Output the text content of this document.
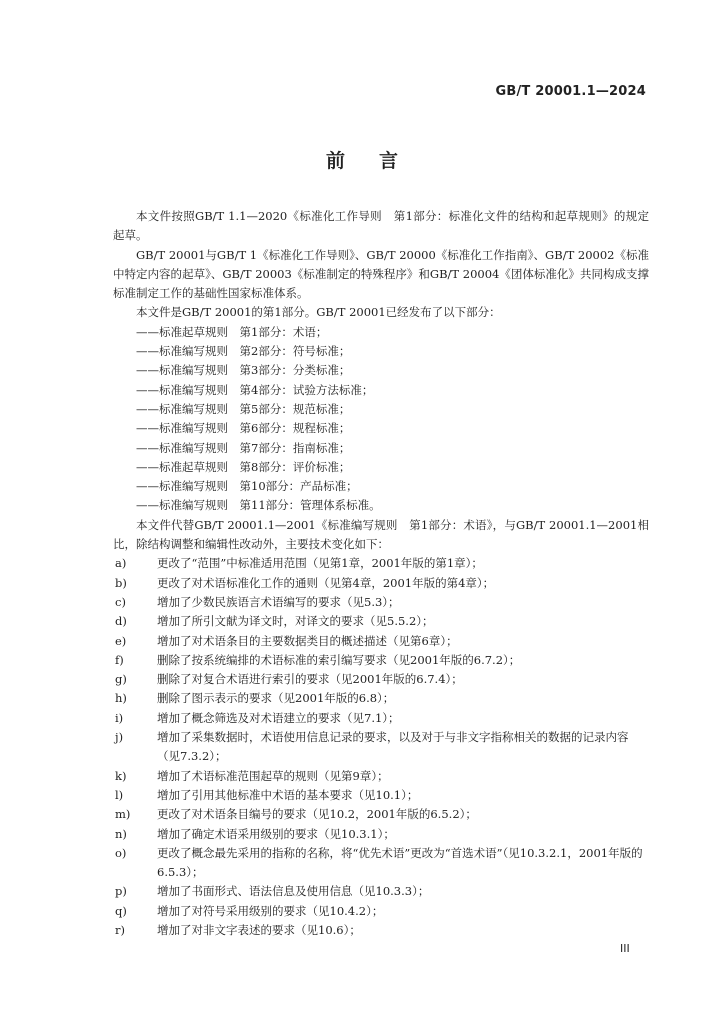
GB/T 20001.1—2024
前言

本文件按照GB/T 1.1—2020《标准化工作导则　第1部分：标准化文件的结构和起草规则》的规定起草。

GB/T 20001与GB/T 1《标准化工作导则》、GB/T 20000《标准化工作指南》、GB/T 20002《标准中特定内容的起草》、GB/T 20003《标准制定的特殊程序》和GB/T 20004《团体标准化》共同构成支撑标准制定工作的基础性国家标准体系。

本文件是GB/T 20001的第1部分。GB/T 20001已经发布了以下部分：

——标准起草规则　第1部分：术语；

——标准编写规则　第2部分：符号标准；

——标准编写规则　第3部分：分类标准；

——标准编写规则　第4部分：试验方法标准；

——标准编写规则　第5部分：规范标准；

——标准编写规则　第6部分：规程标准；

——标准编写规则　第7部分：指南标准；

——标准起草规则　第8部分：评价标准；

——标准编写规则　第10部分：产品标准；

——标准编写规则　第11部分：管理体系标准。

本文件代替GB/T 20001.1—2001《标准编写规则　第1部分：术语》，与GB/T 20001.1—2001相比，除结构调整和编辑性改动外，主要技术变化如下：

a)	更改了“范围”中标准适用范围（见第1章，2001年版的第1章）；
b)	更改了对术语标准化工作的通则（见第4章，2001年版的第4章）；
c)	增加了少数民族语言术语编写的要求（见5.3）；
d)	增加了所引文献为译文时，对译文的要求（见5.5.2）；
e)	增加了对术语条目的主要数据类目的概述描述（见第6章）；
f)	删除了按系统编排的术语标准的索引编写要求（见2001年版的6.7.2）；
g)	删除了对复合术语进行索引的要求（见2001年版的6.7.4）；
h)	删除了图示表示的要求（见2001年版的6.8）；
i)	增加了概念筛选及对术语建立的要求（见7.1）；
j)	增加了采集数据时，术语使用信息记录的要求，以及对于与非文字指称相关的数据的记录内容（见7.3.2）；
k)	增加了术语标准范围起草的规则（见第9章）；
l)	增加了引用其他标准中术语的基本要求（见10.1）；
m) 更改了对术语条目编号的要求（见10.2，2001年版的6.5.2）；
n)	增加了确定术语采用级别的要求（见10.3.1）；
o)	更改了概念最先采用的指称的名称，将“优先术语”更改为“首选术语”（见10.3.2.1，2001年版的6.5.3）；
p)	增加了书面形式、语法信息及使用信息（见10.3.3）；
q)	增加了对符号采用级别的要求（见10.4.2）；
r)	增加了对非文字表述的要求（见10.6）；
III
